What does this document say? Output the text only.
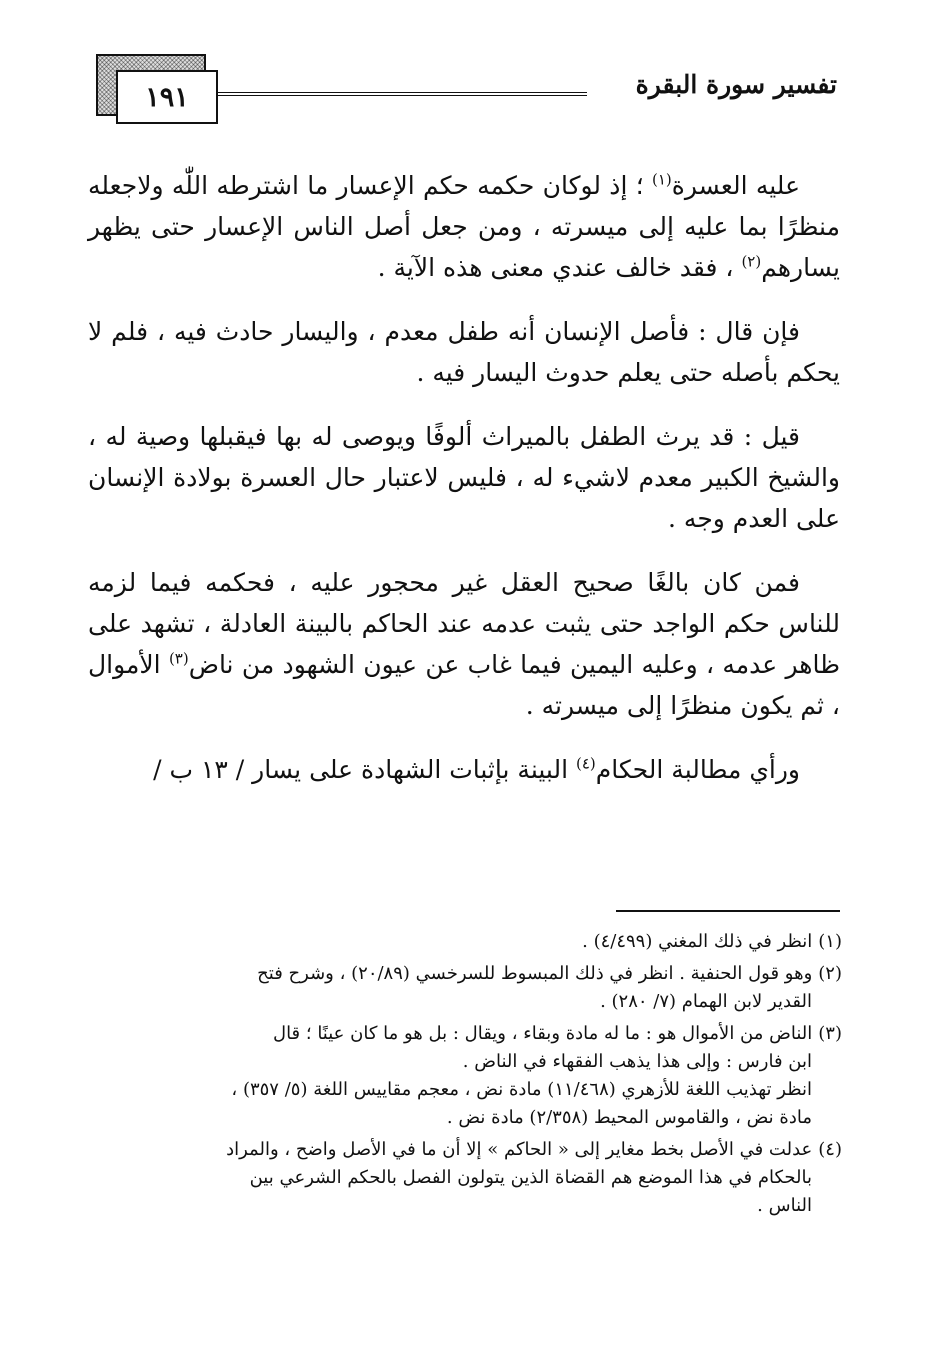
تفسير سورة البقرة
١٩١

عليه العسرة$^{(١)}$ ؛ إذ لوكان حكمه حكم الإعسار ما اشترطه اللّٰه ولاجعله منظرًا بما عليه إلى ميسرته ، ومن جعل أصل الناس الإعسار حتى يظهر يسارهم$^{(٢)}$ ، فقد خالف عندي معنى هذه الآية .

فإن قال : فأصل الإنسان أنه طفل معدم ، واليسار حادث فيه ، فلم لا يحكم بأصله حتى يعلم حدوث اليسار فيه .

قيل : قد يرث الطفل بالميراث ألوفًا ويوصى له بها فيقبلها وصية له ، والشيخ الكبير معدم لاشيء له ، فليس لاعتبار حال العسرة بولادة الإنسان على العدم وجه .

فمن كان بالغًا صحيح العقل غير محجور عليه ، فحكمه فيما لزمه للناس حكم الواجد حتى يثبت عدمه عند الحاكم بالبينة العادلة ، تشهد على ظاهر عدمه ، وعليه اليمين فيما غاب عن عيون الشهود من ناض$^{(٣)}$ الأموال ، ثم يكون منظرًا إلى ميسرته .

ورأي مطالبة الحكام$^{(٤)}$ البينة بإثبات الشهادة على يسار / ١٣ ب /

(١)انظر في ذلك المغني (٤/٤٩٩) .

(٢)وهو قول الحنفية . انظر في ذلك المبسوط للسرخسي (٢٠/٨٩) ، وشرح فتح
القدير لابن الهمام (٧/ ٢٨٠) .

(٣)الناض من الأموال هو : ما له مادة وبقاء ، ويقال : بل هو ما كان عينًا ؛ قال
ابن فارس : وإلى هذا يذهب الفقهاء في الناض .
انظر تهذيب اللغة للأزهري (١١/٤٦٨) مادة نض ، معجم مقاييس اللغة (٥/ ٣٥٧) ،
مادة نض ، والقاموس المحيط (٢/٣٥٨) مادة نض .

(٤)عدلت في الأصل بخط مغاير إلى « الحاكم » إلا أن ما في الأصل واضح ، والمراد
بالحكام في هذا الموضع هم القضاة الذين يتولون الفصل بالحكم الشرعي بين
الناس .
